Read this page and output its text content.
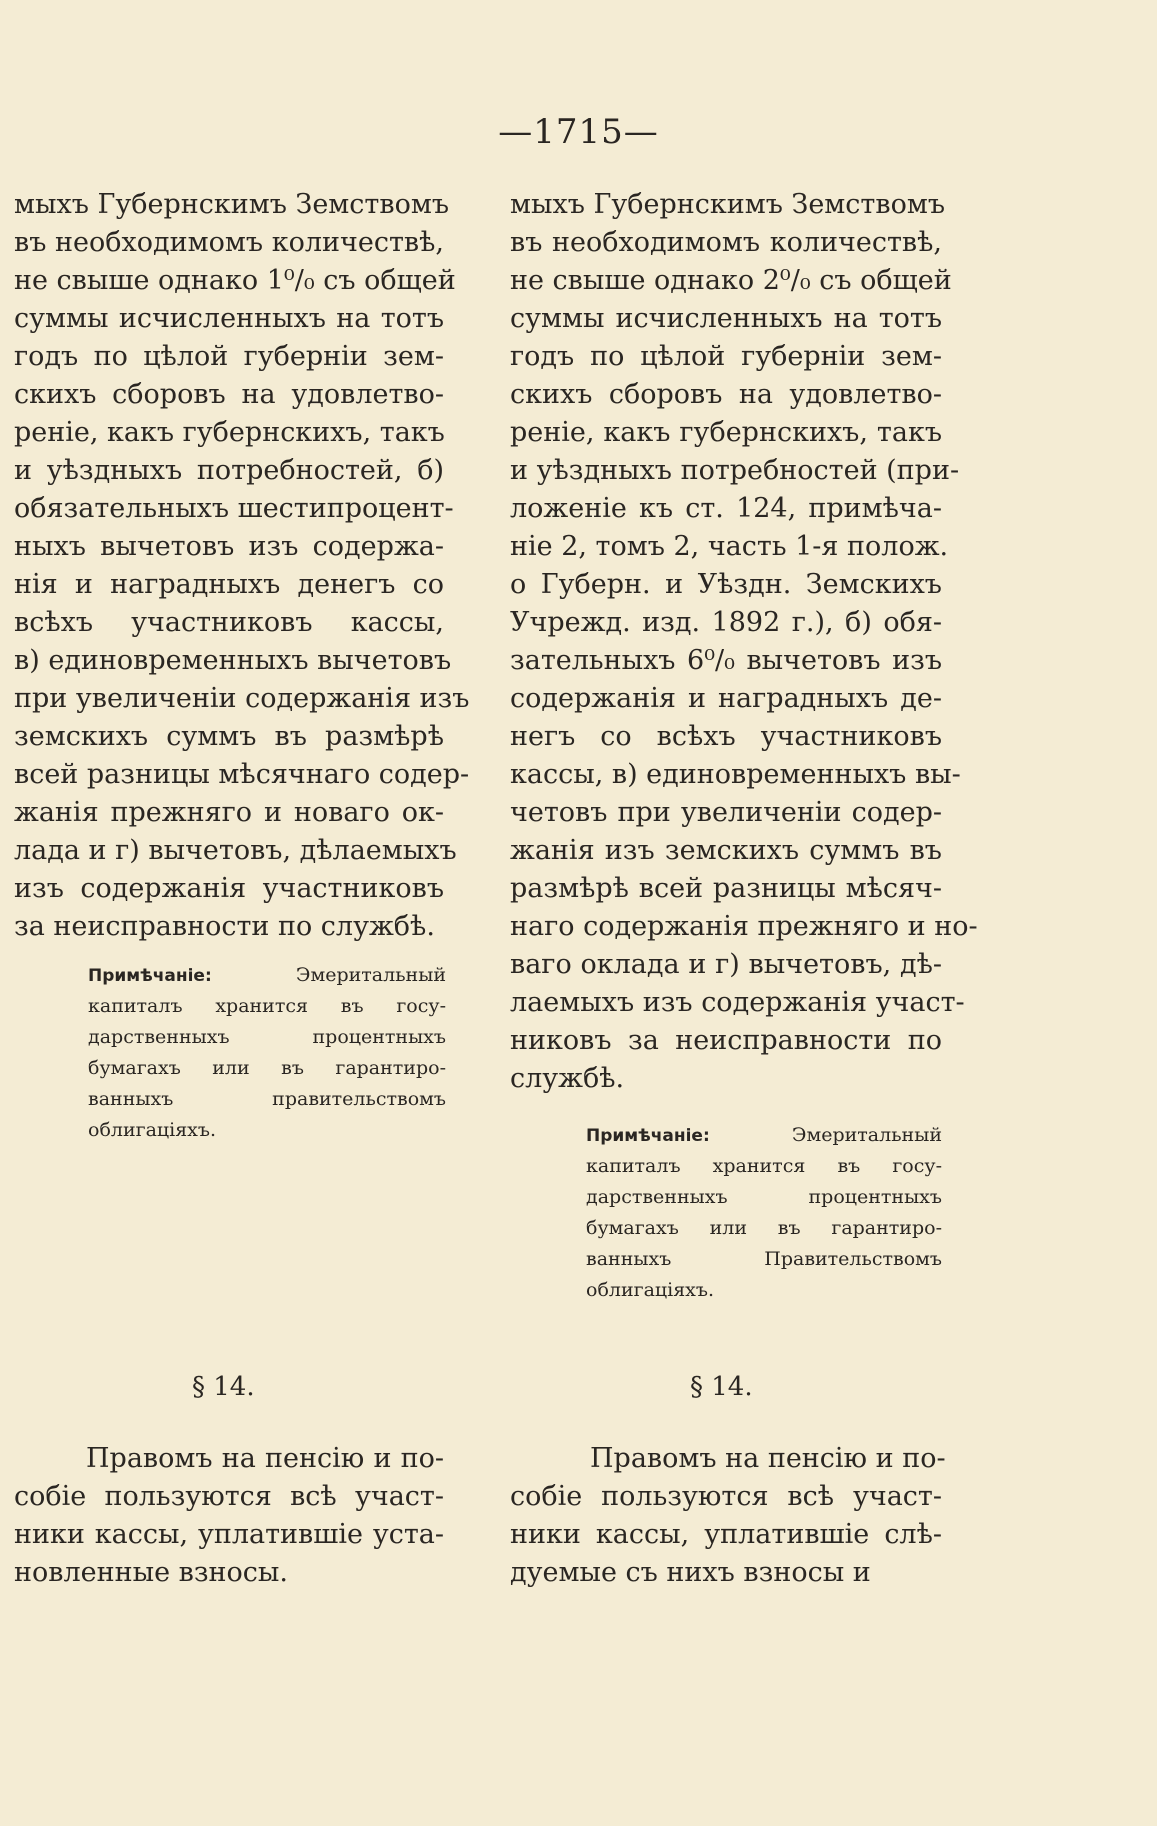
—1715—
мыхъ Губернскимъ Земствомъ
въ необходимомъ количествѣ,
не свыше однако 1⁰/₀ съ общей
суммы исчисленныхъ на тотъ
годъ по цѣлой губерніи зем-
скихъ сборовъ на удовлетво-
реніе, какъ губернскихъ, такъ
и уѣздныхъ потребностей, б)
обязательныхъ шестипроцент-
ныхъ вычетовъ изъ содержа-
нія и наградныхъ денегъ со
всѣхъ участниковъ кассы,
в) единовременныхъ вычетовъ
при увеличеніи содержанія изъ
земскихъ суммъ въ размѣрѣ
всей разницы мѣсячнаго содер-
жанія прежняго и новаго ок-
лада и г) вычетовъ, дѣлаемыхъ
изъ содержанія участниковъ
за неисправности по службѣ.
Примѣчаніе:	Эмеритальный
капиталъ хранится въ госу-
дарственныхъ процентныхъ
бумагахъ или въ гарантиро-
ванныхъ правительствомъ
облигаціяхъ.
мыхъ Губернскимъ Земствомъ
въ необходимомъ количествѣ,
не свыше однако 2⁰/₀ съ общей
суммы исчисленныхъ на тотъ
годъ по цѣлой губерніи зем-
скихъ сборовъ на удовлетво-
реніе, какъ губернскихъ, такъ
и уѣздныхъ потребностей (при-
ложеніе къ ст. 124, примѣча-
ніе 2, томъ 2, часть 1-я полож.
о Губерн. и Уѣздн. Земскихъ
Учрежд. изд. 1892 г.), б) обя-
зательныхъ 6⁰/₀ вычетовъ изъ
содержанія и наградныхъ де-
негъ со всѣхъ участниковъ
кассы, в) единовременныхъ вы-
четовъ при увеличеніи содер-
жанія изъ земскихъ суммъ въ
размѣрѣ всей разницы мѣсяч-
наго содержанія прежняго и но-
ваго оклада и г) вычетовъ, дѣ-
лаемыхъ изъ содержанія участ-
никовъ за неисправности по
службѣ.
Примѣчаніе:	Эмеритальный
капиталъ хранится въ госу-
дарственныхъ процентныхъ
бумагахъ или въ гарантиро-
ванныхъ Правительствомъ
облигаціяхъ.
§ 14.	§ 14.
Правомъ на пенсію и по-
собіе пользуются всѣ участ-
ники кассы, уплатившіе уста-
новленные взносы.
Правомъ на пенсію и по-
собіе пользуются всѣ участ-
ники кассы, уплатившіе слѣ-
дуемые съ нихъ взносы и
